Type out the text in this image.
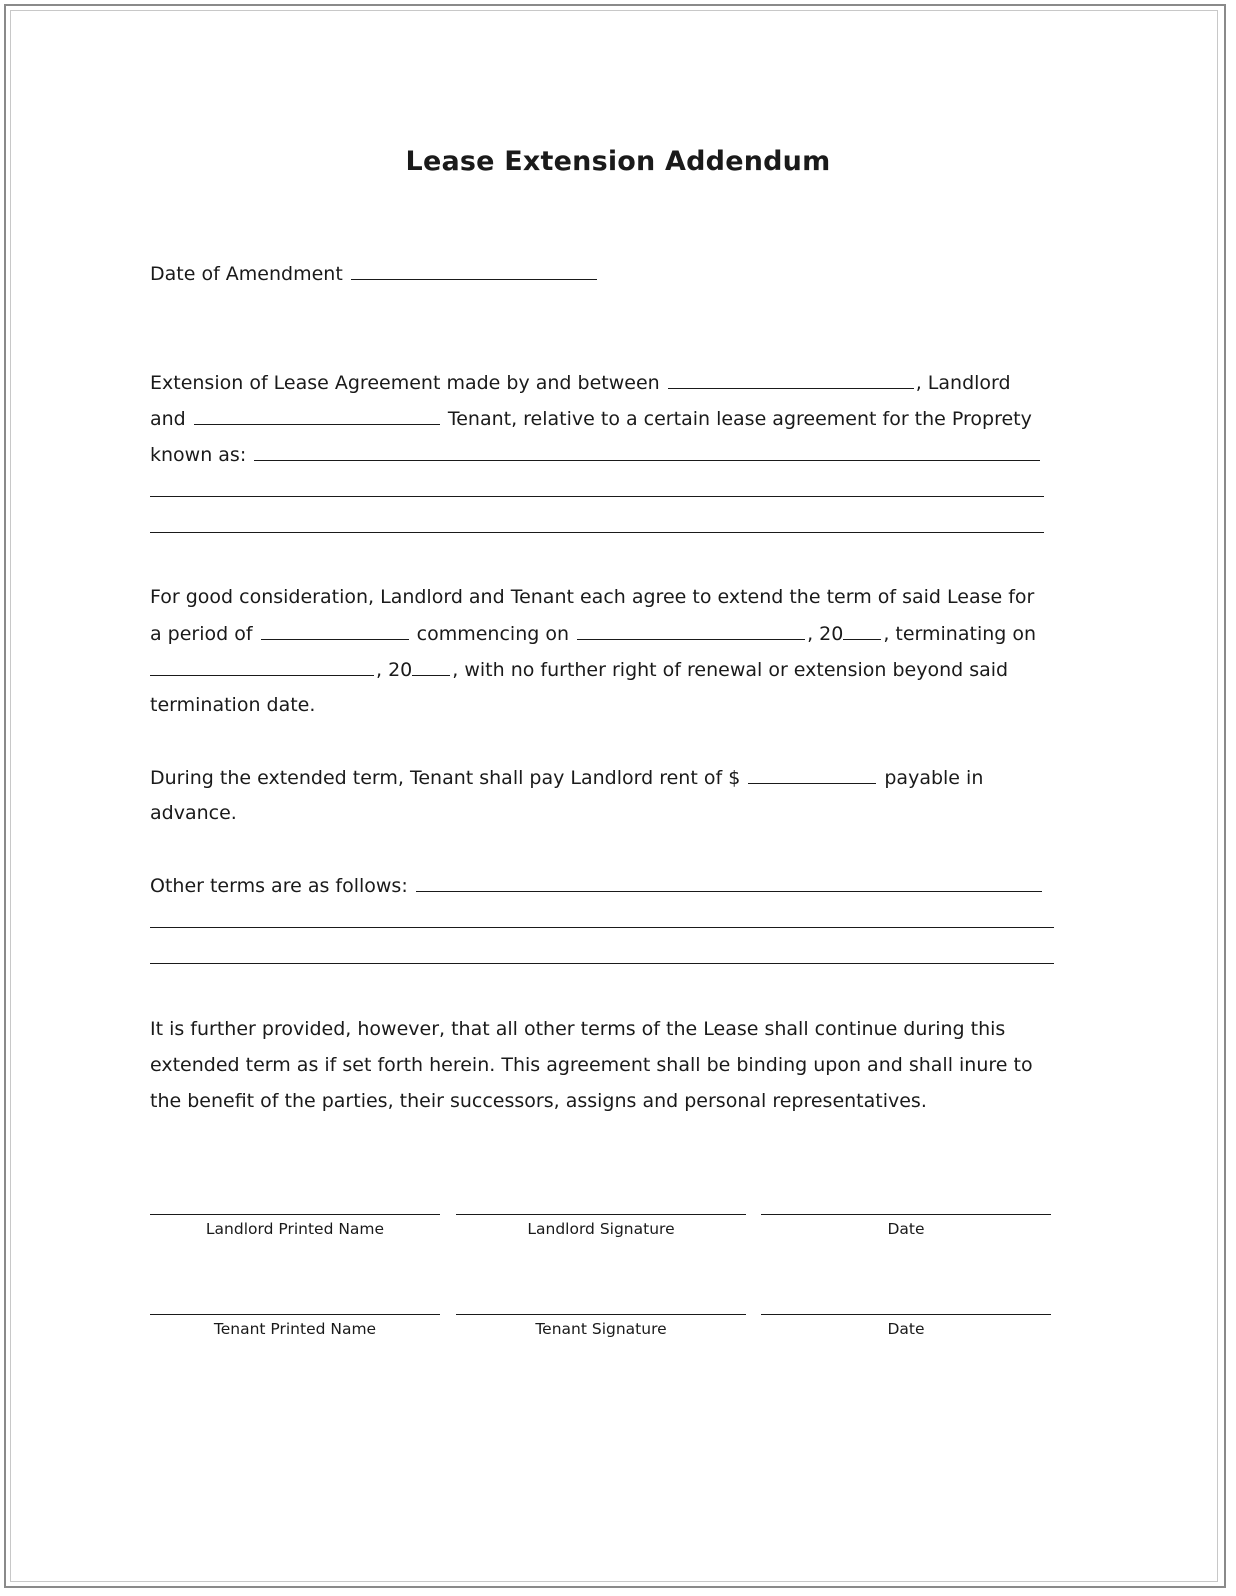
Lease Extension Addendum
Date of Amendment
Extension of Lease Agreement made by and between	, Landlord
and	Tenant, relative to a certain lease agreement for the Proprety
known as:
For good consideration, Landlord and Tenant each agree to extend the term of said Lease for
a period of	commencing on	, 20 , terminating on
, 20 , with no further right of renewal or extension beyond said
termination date.
During the extended term, Tenant shall pay Landlord rent of $	payable in
advance.
Other terms are as follows:
It is further provided, however, that all other terms of the Lease shall continue during this
extended term as if set forth herein. This agreement shall be binding upon and shall inure to
the benefit of the parties, their successors, assigns and personal representatives.
Landlord Printed Name	Landlord Signature	Date
Tenant Printed Name	Tenant Signature	Date
